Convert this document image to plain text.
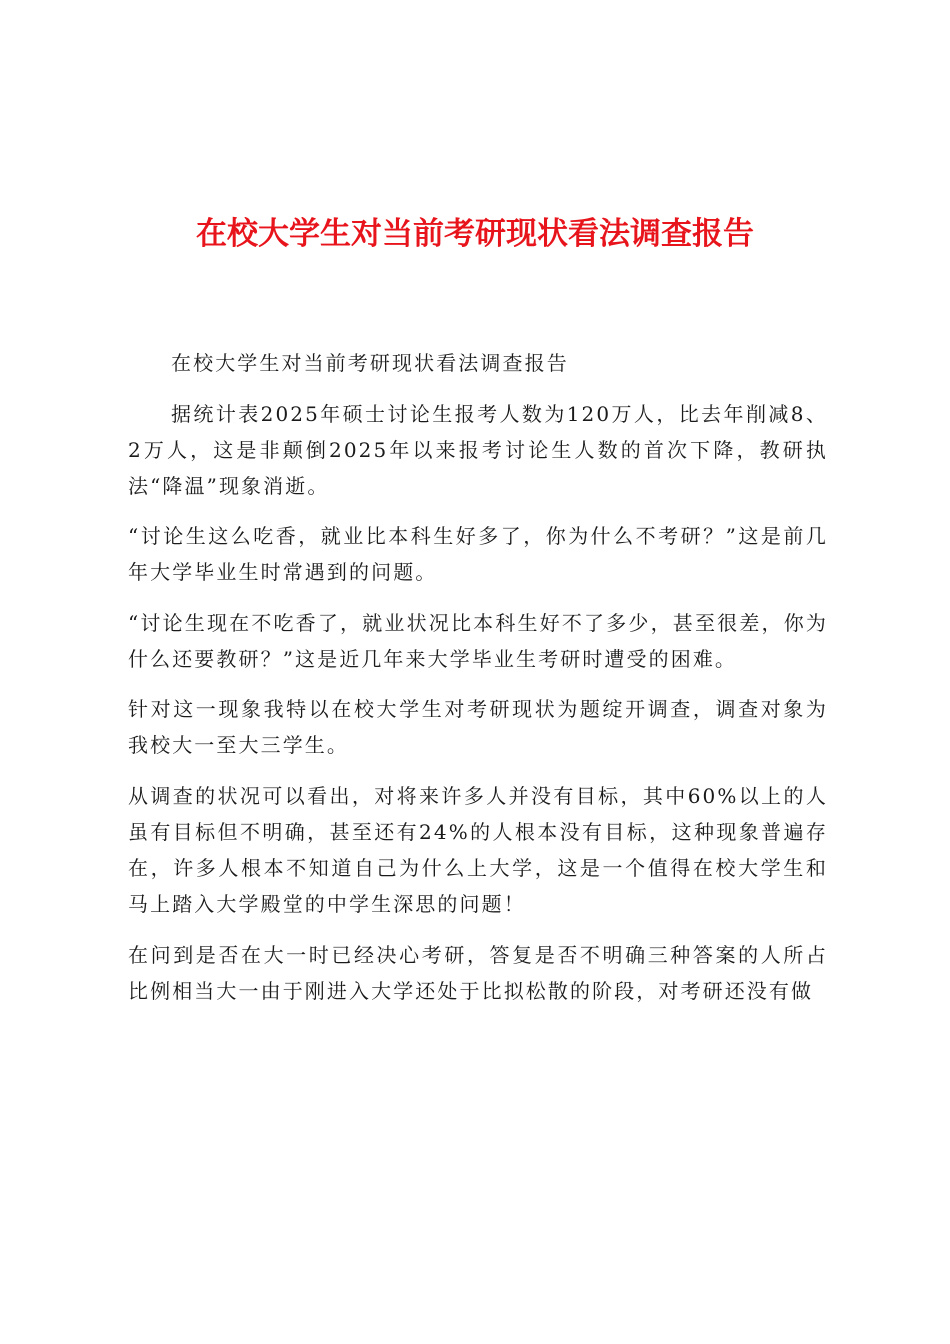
在校大学生对当前考研现状看法调查报告

在校大学生对当前考研现状看法调查报告

据统计表2025年硕士讨论生报考人数为120万人，比去年削减8、2万人，这是非颠倒2025年以来报考讨论生人数的首次下降，教研执法“降温”现象消逝。

“讨论生这么吃香，就业比本科生好多了，你为什么不考研？”这是前几年大学毕业生时常遇到的问题。

“讨论生现在不吃香了，就业状况比本科生好不了多少，甚至很差，你为什么还要教研？”这是近几年来大学毕业生考研时遭受的困难。

针对这一现象我特以在校大学生对考研现状为题绽开调查，调查对象为我校大一至大三学生。

从调查的状况可以看出，对将来许多人并没有目标，其中60%以上的人虽有目标但不明确，甚至还有24%的人根本没有目标，这种现象普遍存在，许多人根本不知道自己为什么上大学，这是一个值得在校大学生和马上踏入大学殿堂的中学生深思的问题！

在问到是否在大一时已经决心考研，答复是否不明确三种答案的人所占比例相当大一由于刚进入大学还处于比拟松散的阶段，对考研还没有做
